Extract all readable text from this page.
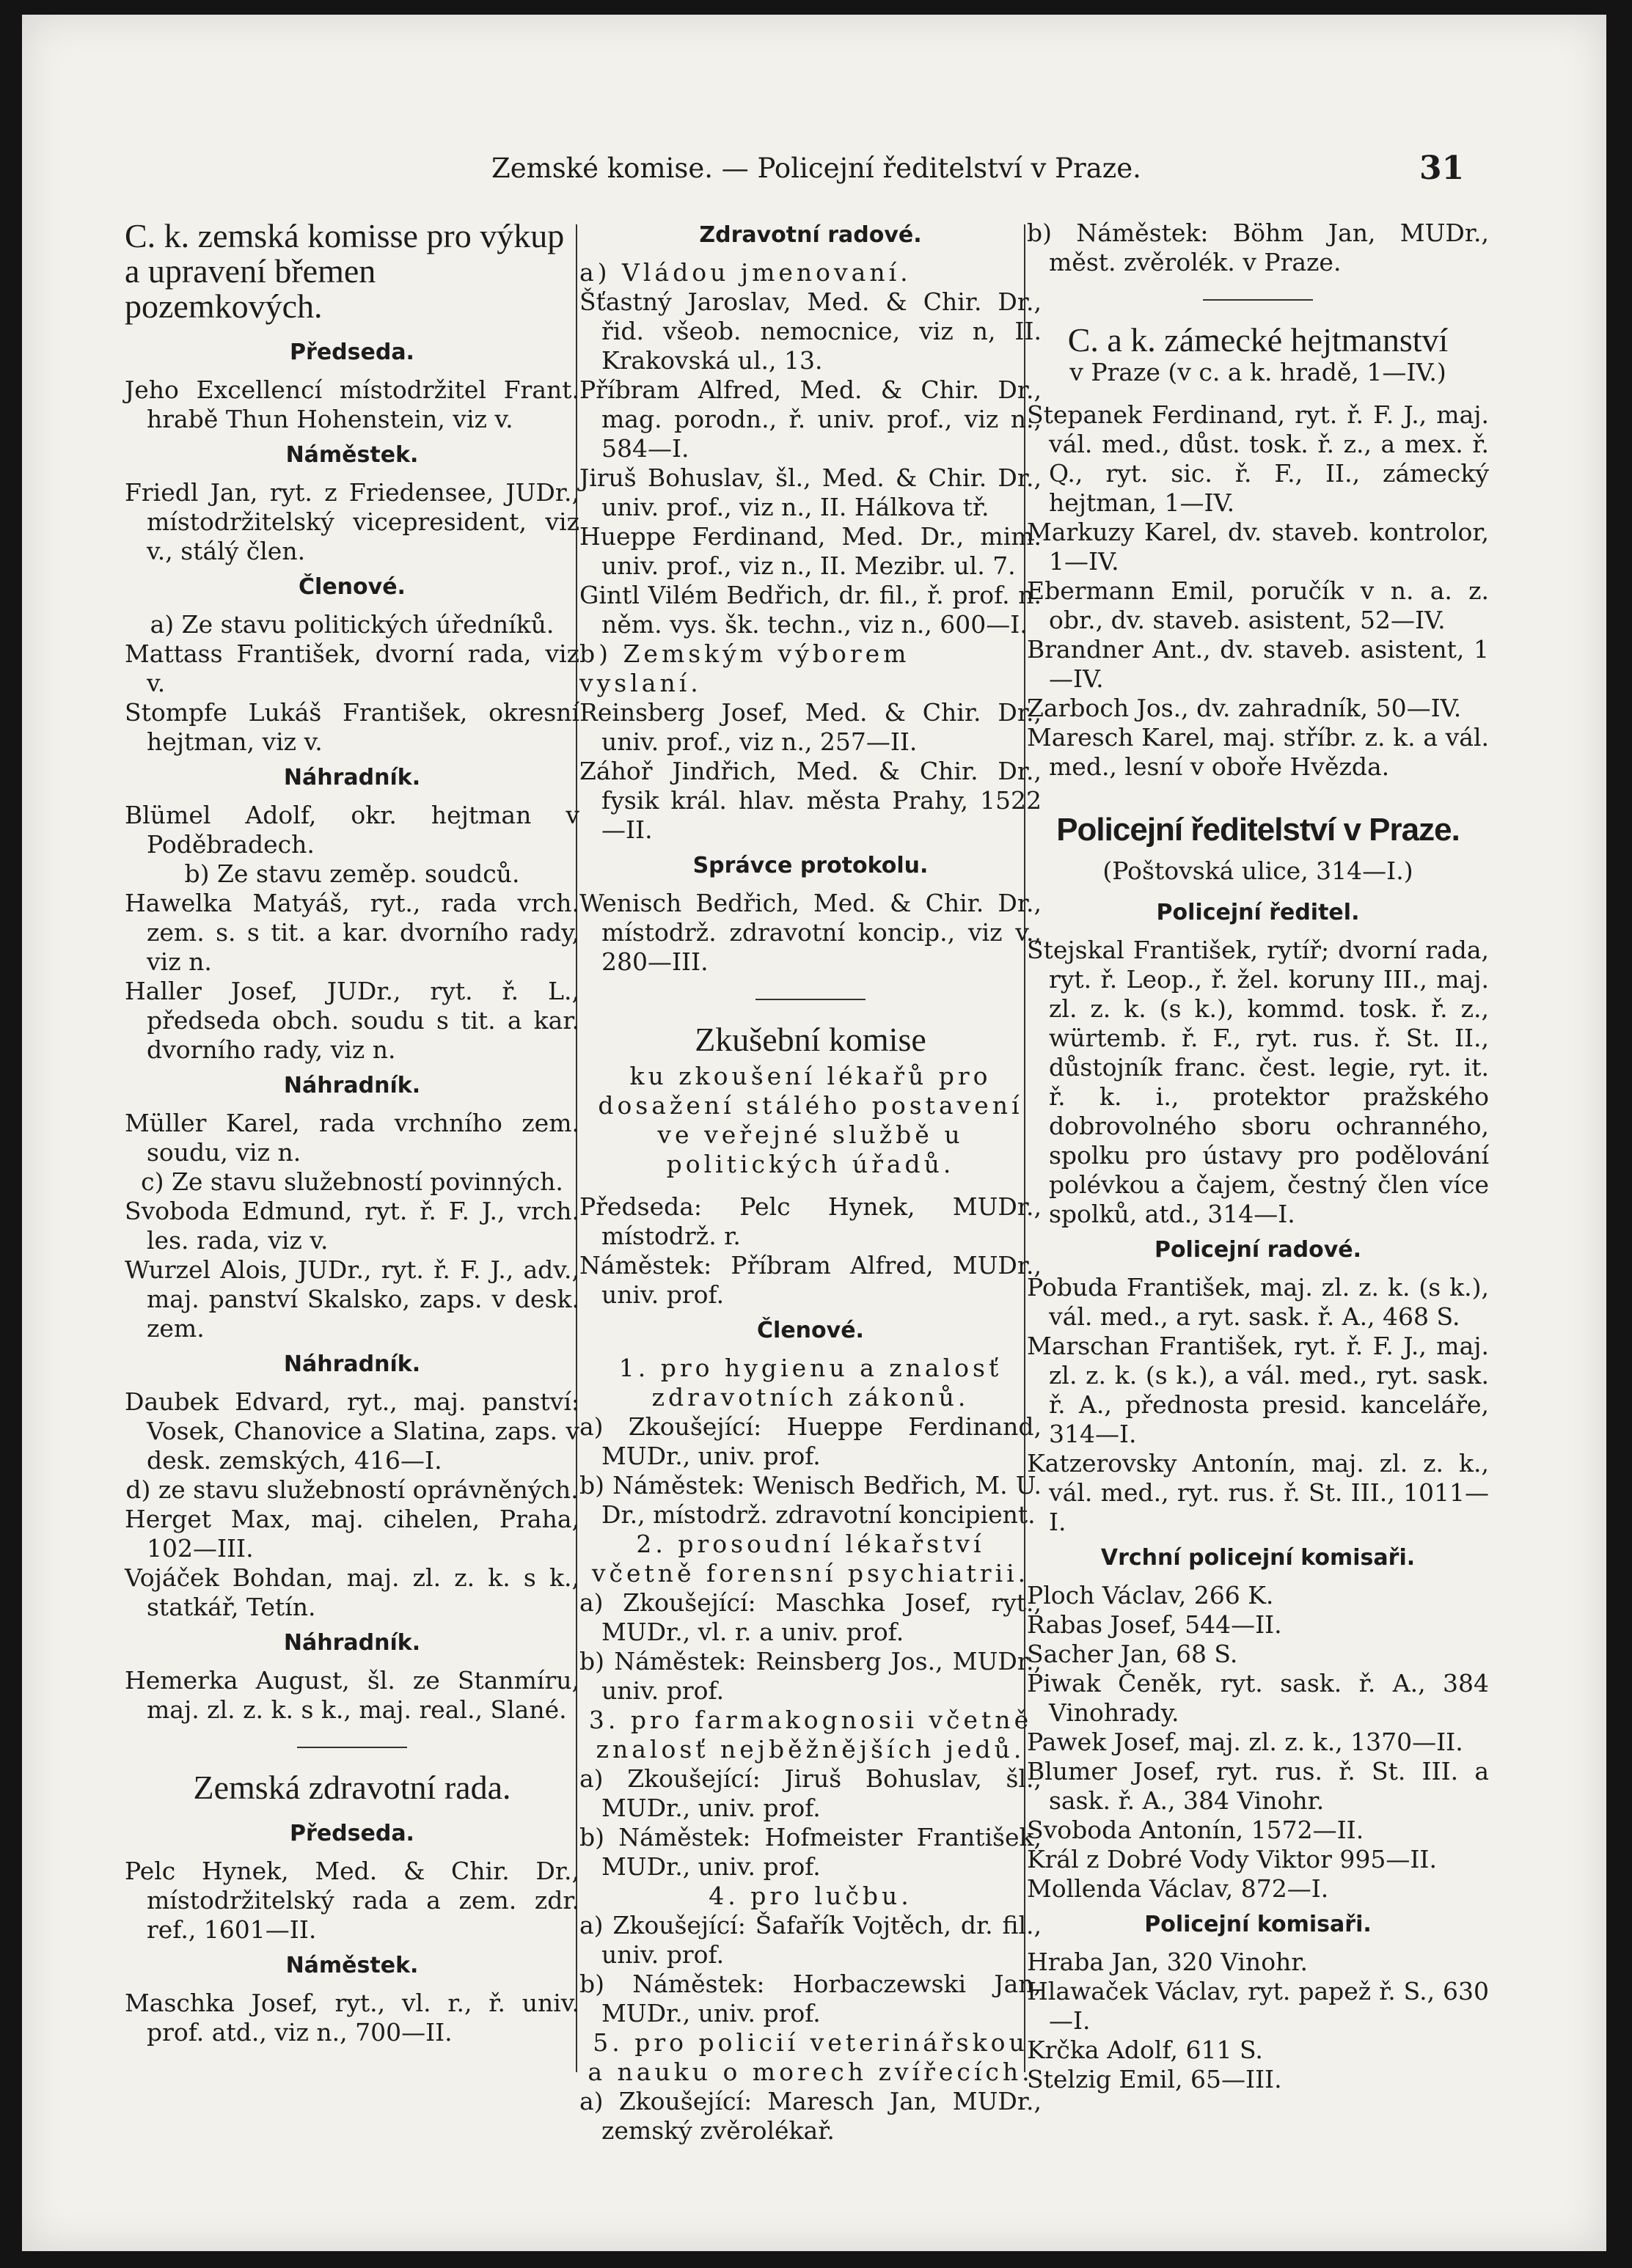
Zemské komise. — Policejní ředitelství v Praze.	31
C. k. zemská komisse pro výkup a upravení břemen pozemkových.
Předseda.

Jeho Excellencí místodržitel Frant. hrabě Thun Hohenstein, viz v.

Náměstek.

Friedl Jan, ryt. z Friedensee, JUDr., místodržitelský vicepresident, viz v., stálý člen.

Členové.

a) Ze stavu politických úředníků.

Mattass František, dvorní rada, viz v.

Stompfe Lukáš František, okresní hejtman, viz v.

Náhradník.

Blümel Adolf, okr. hejtman v Poděbradech.

b) Ze stavu zeměp. soudců.

Hawelka Matyáš, ryt., rada vrch. zem. s. s tit. a kar. dvorního rady, viz n.

Haller Josef, JUDr., ryt. ř. L., předseda obch. soudu s tit. a kar. dvorního rady, viz n.

Náhradník.

Müller Karel, rada vrchního zem. soudu, viz n.

c) Ze stavu služebností povinných.

Svoboda Edmund, ryt. ř. F. J., vrch. les. rada, viz v.

Wurzel Alois, JUDr., ryt. ř. F. J., adv., maj. panství Skalsko, zaps. v desk. zem.

Náhradník.

Daubek Edvard, ryt., maj. panství: Vosek, Chanovice a Slatina, zaps. v desk. zemských, 416—I.

d) ze stavu služebností oprávněných.

Herget Max, maj. cihelen, Praha, 102—III.

Vojáček Bohdan, maj. zl. z. k. s k., statkář, Tetín.

Náhradník.

Hemerka August, šl. ze Stanmíru, maj. zl. z. k. s k., maj. real., Slané.

Zemská zdravotní rada.
Předseda.

Pelc Hynek, Med. & Chir. Dr., místodržitelský rada a zem. zdr. ref., 1601—II.

Náměstek.

Maschka Josef, ryt., vl. r., ř. univ. prof. atd., viz n., 700—II.

Zdravotní radové.

a) Vládou jmenovaní.

Šťastný Jaroslav, Med. & Chir. Dr., řid. všeob. nemocnice, viz n, II. Krakovská ul., 13.

Příbram Alfred, Med. & Chir. Dr., mag. porodn., ř. univ. prof., viz n., 584—I.

Jiruš Bohuslav, šl., Med. & Chir. Dr., univ. prof., viz n., II. Hálkova tř.

Hueppe Ferdinand, Med. Dr., mim. univ. prof., viz n., II. Mezibr. ul. 7.

Gintl Vilém Bedřich, dr. fil., ř. prof. n. něm. vys. šk. techn., viz n., 600—I.

b) Zemským výborem vyslaní.

Reinsberg Josef, Med. & Chir. Dr., univ. prof., viz n., 257—II.

Záhoř Jindřich, Med. & Chir. Dr., fysik král. hlav. města Prahy, 1522—II.

Správce protokolu.

Wenisch Bedřich, Med. & Chir. Dr., místodrž. zdravotní koncip., viz v., 280—III.

Zkušební komise

ku zkoušení lékařů pro dosažení stálého postavení ve veřejné službě u politických úřadů.

Předseda: Pelc Hynek, MUDr., místodrž. r.

Náměstek: Příbram Alfred, MUDr., univ. prof.

Členové.

1. pro hygienu a znalosť zdravotních zákonů.

a) Zkoušející: Hueppe Ferdinand, MUDr., univ. prof.

b) Náměstek: Wenisch Bedřich, M. U. Dr., místodrž. zdravotní koncipient.

2. prosoudní lékařství včetně forensní psychiatrii.

a) Zkoušející: Maschka Josef, ryt., MUDr., vl. r. a univ. prof.

b) Náměstek: Reinsberg Jos., MUDr., univ. prof.

3. pro farmakognosii včetně znalosť nejběžnějších jedů.

a) Zkoušející: Jiruš Bohuslav, šl., MUDr., univ. prof.

b) Náměstek: Hofmeister František, MUDr., univ. prof.

4. pro lučbu.

a) Zkoušející: Šafařík Vojtěch, dr. fil., univ. prof.

b) Náměstek: Horbaczewski Jan, MUDr., univ. prof.

5. pro policií veterinářskou a nauku o morech zvířecích.

a) Zkoušející: Maresch Jan, MUDr., zemský zvěrolékař.

b) Náměstek: Böhm Jan, MUDr., měst. zvěrolék. v Praze.

C. a k. zámecké hejtmanství

v Praze (v c. a k. hradě, 1—IV.)

Stepanek Ferdinand, ryt. ř. F. J., maj. vál. med., důst. tosk. ř. z., a mex. ř. Q., ryt. sic. ř. F., II., zámecký hejtman, 1—IV.

Markuzy Karel, dv. staveb. kontrolor, 1—IV.

Ebermann Emil, poručík v n. a. z. obr., dv. staveb. asistent, 52—IV.

Brandner Ant., dv. staveb. asistent, 1—IV.

Zarboch Jos., dv. zahradník, 50—IV.

Maresch Karel, maj. stříbr. z. k. a vál. med., lesní v oboře Hvězda.

Policejní ředitelství v Praze.

(Poštovská ulice, 314—I.)

Policejní ředitel.

Stejskal František, rytíř; dvorní rada, ryt. ř. Leop., ř. žel. koruny III., maj. zl. z. k. (s k.), kommd. tosk. ř. z., würtemb. ř. F., ryt. rus. ř. St. II., důstojník franc. čest. legie, ryt. it. ř. k. i., protektor pražského dobrovolného sboru ochranného, spolku pro ústavy pro podělování polévkou a čajem, čestný člen více spolků, atd., 314—I.

Policejní radové.

Pobuda František, maj. zl. z. k. (s k.), vál. med., a ryt. sask. ř. A., 468 S.

Marschan František, ryt. ř. F. J., maj. zl. z. k. (s k.), a vál. med., ryt. sask. ř. A., přednosta presid. kanceláře, 314—I.

Katzerovsky Antonín, maj. zl. z. k., vál. med., ryt. rus. ř. St. III., 1011—I.

Vrchní policejní komisaři.

Ploch Václav, 266 K.

Rabas Josef, 544—II.

Sacher Jan, 68 S.

Piwak Čeněk, ryt. sask. ř. A., 384 Vinohrady.

Pawek Josef, maj. zl. z. k., 1370—II.

Blumer Josef, ryt. rus. ř. St. III. a sask. ř. A., 384 Vinohr.

Svoboda Antonín, 1572—II.

Král z Dobré Vody Viktor 995—II.

Mollenda Václav, 872—I.

Policejní komisaři.

Hraba Jan, 320 Vinohr.

Hlawaček Václav, ryt. papež ř. S., 630—I.

Krčka Adolf, 611 S.

Stelzig Emil, 65—III.
